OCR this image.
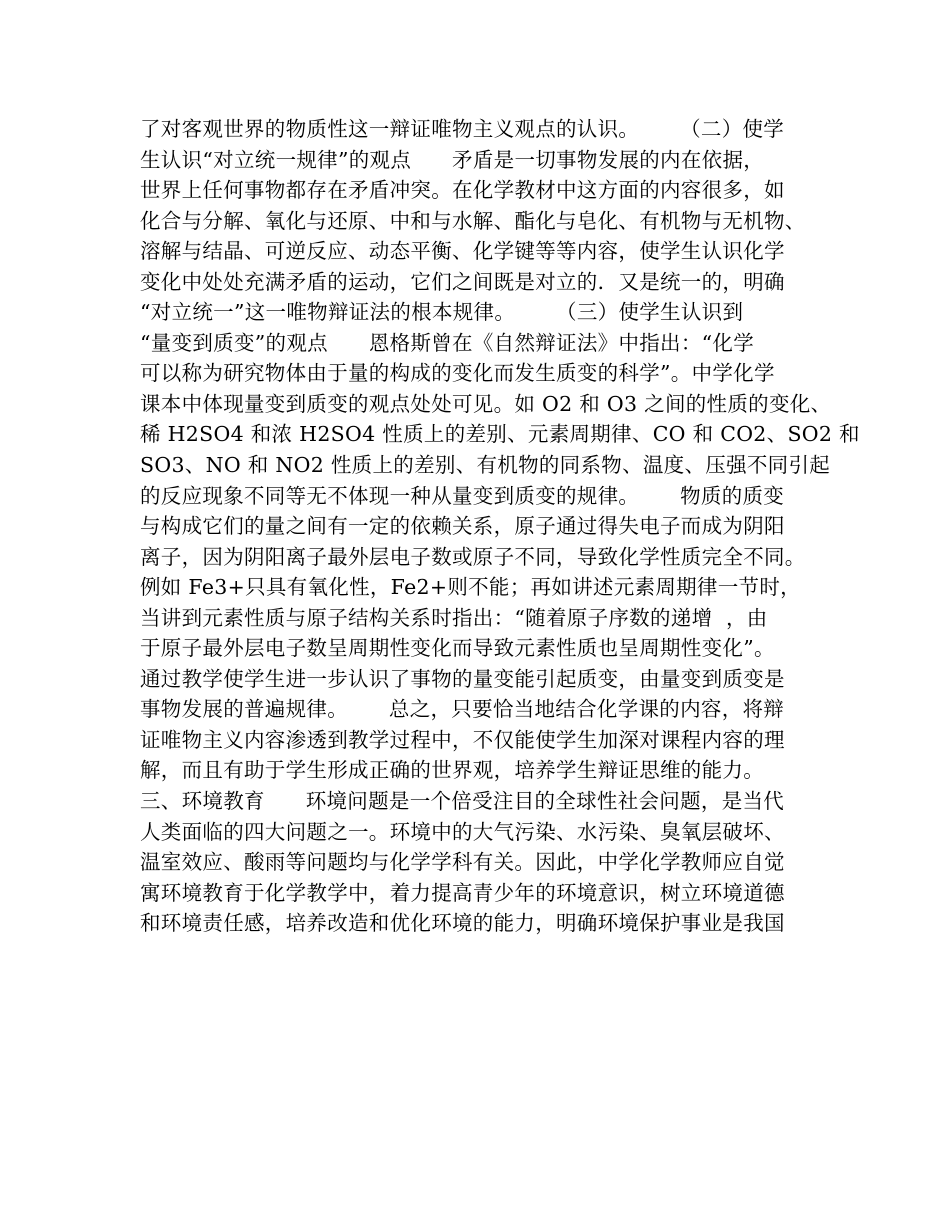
了对客观世界的物质性这一辩证唯物主义观点的认识。      （二）使学
生认识“对立统一规律”的观点      矛盾是一切事物发展的内在依据，
世界上任何事物都存在矛盾冲突。在化学教材中这方面的内容很多，如
化合与分解、氧化与还原、中和与水解、酯化与皂化、有机物与无机物、
溶解与结晶、可逆反应、动态平衡、化学键等等内容，使学生认识化学
变化中处处充满矛盾的运动，它们之间既是对立的．又是统一的，明确
“对立统一”这一唯物辩证法的根本规律。      （三）使学生认识到
“量变到质变”的观点      恩格斯曾在《自然辩证法》中指出：“化学
可以称为研究物体由于量的构成的变化而发生质变的科学”。中学化学
课本中体现量变到质变的观点处处可见。如 O2 和 O3 之间的性质的变化、
稀 H2SO4 和浓 H2SO4 性质上的差别、元素周期律、CO 和 CO2、SO2 和
SO3、NO 和 NO2 性质上的差别、有机物的同系物、温度、压强不同引起
的反应现象不同等无不体现一种从量变到质变的规律。      物质的质变
与构成它们的量之间有一定的依赖关系，原子通过得失电子而成为阴阳
离子，因为阴阳离子最外层电子数或原子不同，导致化学性质完全不同。
例如 Fe3+只具有氧化性，Fe2+则不能；再如讲述元素周期律一节时，
当讲到元素性质与原子结构关系时指出：“随着原子序数的递增  ，由
于原子最外层电子数呈周期性变化而导致元素性质也呈周期性变化”。
通过教学使学生进一步认识了事物的量变能引起质变，由量变到质变是
事物发展的普遍规律。      总之，只要恰当地结合化学课的内容，将辩
证唯物主义内容渗透到教学过程中，不仅能使学生加深对课程内容的理
解，而且有助于学生形成正确的世界观，培养学生辩证思维的能力。
三、环境教育      环境问题是一个倍受注目的全球性社会问题，是当代
人类面临的四大问题之一。环境中的大气污染、水污染、臭氧层破坏、
温室效应、酸雨等问题均与化学学科有关。因此，中学化学教师应自觉
寓环境教育于化学教学中，着力提高青少年的环境意识，树立环境道德
和环境责任感，培养改造和优化环境的能力，明确环境保护事业是我国
